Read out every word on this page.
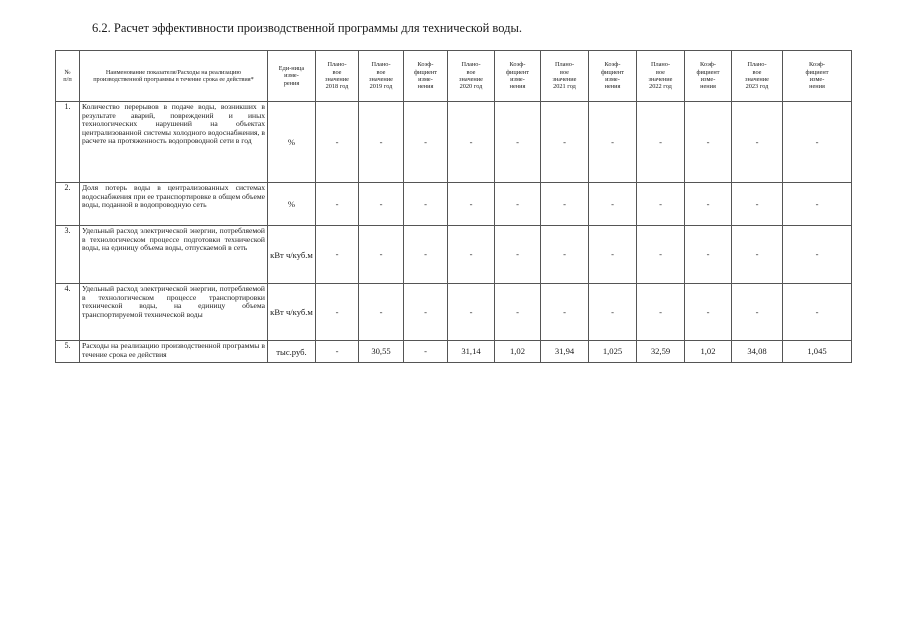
6.2. Расчет эффективности производственной программы для технической воды.
№
п/п	Наименование показателя/Расходы на реализацию производственной программы в течение срока ее действия*	Еди-ница
изме-
рения	Плано-
вое
значение
2018 год	Плано-
вое
значение
2019 год	Коэф-
фициент
изме-
нения	Плано-
вое
значение
2020 год	Коэф-
фициент
изме-
нения	Плано-
вое
значение
2021 год	Коэф-
фициент
изме-
нения	Плано-
вое
значение
2022 год	Коэф-
фициент
изме-
нения	Плано-
вое
значение
2023 год	Коэф-
фициент
изме-
нения
1.	Количество перерывов в подаче воды, возникших в результате аварий, повреждений и иных технологических нарушений на объектах централизованной системы холодного водоснабжения, в расчете на протяженность водопроводной сети в год	%	-	-	-	-	-	-	-	-	-	-	-
2.	Доля потерь воды в централизованных системах водоснабжения при ее транспортировке в общем объеме воды, поданной в водопроводную сеть	%	-	-	-	-	-	-	-	-	-	-	-
3.	Удельный расход электрической энергии, потребляемой в технологическом процессе подготовки технической воды, на единицу объема воды, отпускаемой в сеть	кВт ч/куб.м	-	-	-	-	-	-	-	-	-	-	-
4.	Удельный расход электрической энергии, потребляемой в технологическом процессе транспортировки технической воды, на единицу объема транспортируемой технической воды	кВт ч/куб.м	-	-	-	-	-	-	-	-	-	-	-
5.	Расходы на реализацию производственной программы в течение срока ее действия	тыс.руб.	-	30,55	-	31,14	1,02	31,94	1,025	32,59	1,02	34,08	1,045
